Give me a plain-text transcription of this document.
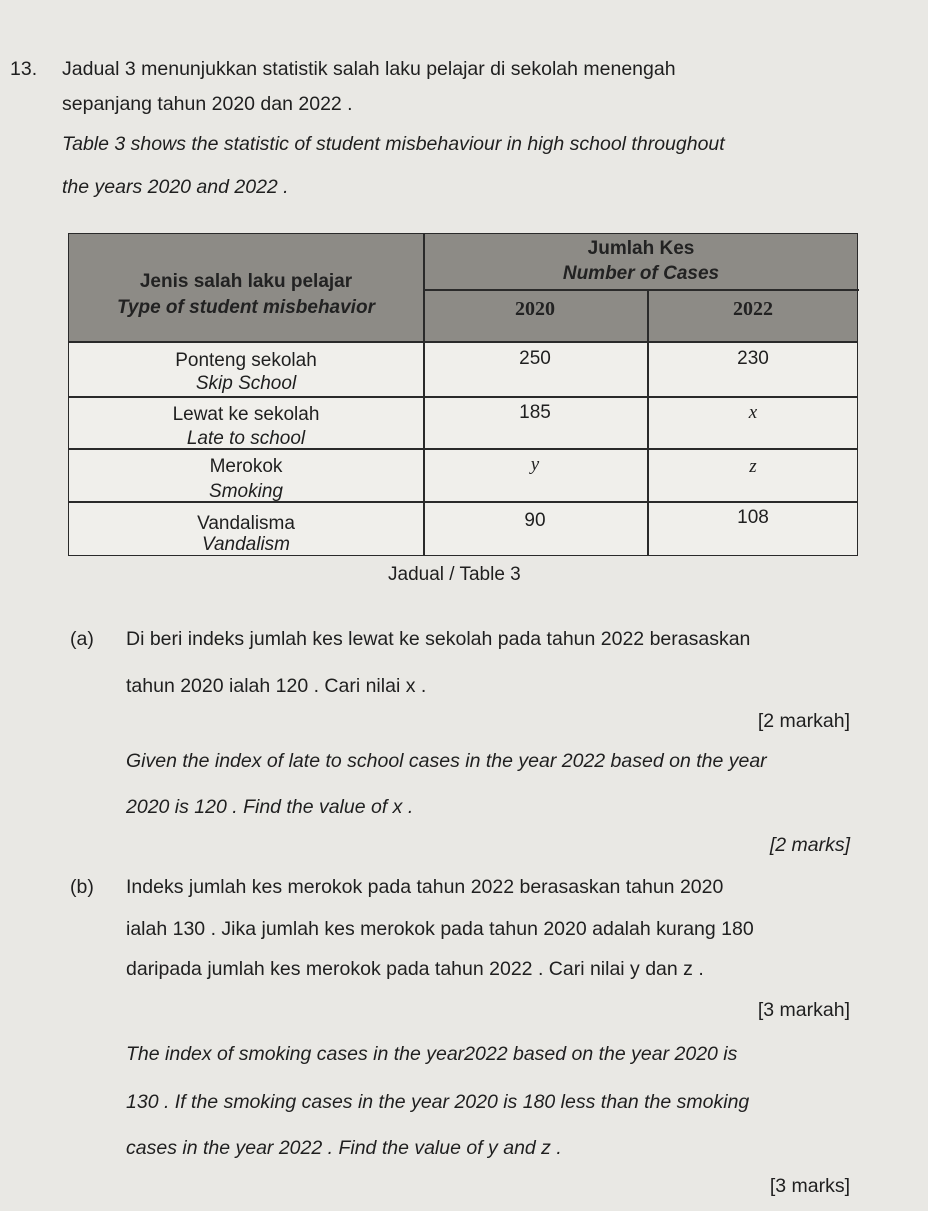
13. Jadual 3 menunjukkan statistik salah laku pelajar di sekolah menengah
sepanjang tahun 2020 dan 2022 .
Table 3 shows the statistic of student misbehaviour in high school throughout
the years 2020 and 2022 .
Jenis salah laku pelajar
Type of student misbehavior
Jumlah Kes
Number of Cases
2020	2022
Ponteng sekolah
Skip School
250	230
Lewat ke sekolah
Late to school
185	x
Merokok
Smoking
y	z
Vandalisma
Vandalism
90	108
Jadual / Table 3
(a) Di beri indeks jumlah kes lewat ke sekolah pada tahun 2022 berasaskan
tahun 2020 ialah 120 . Cari nilai x .
[2 markah]
Given the index of late to school cases in the year 2022 based on the year
2020 is 120 . Find the value of x .
[2 marks]
(b) Indeks jumlah kes merokok pada tahun 2022 berasaskan tahun 2020
ialah 130 . Jika jumlah kes merokok pada tahun 2020 adalah kurang 180
daripada jumlah kes merokok pada tahun 2022 . Cari nilai y dan z .
[3 markah]
The index of smoking cases in the year2022 based on the year 2020 is
130 . If the smoking cases in the year 2020 is 180 less than the smoking
cases in the year 2022 . Find the value of y and z .
[3 marks]
